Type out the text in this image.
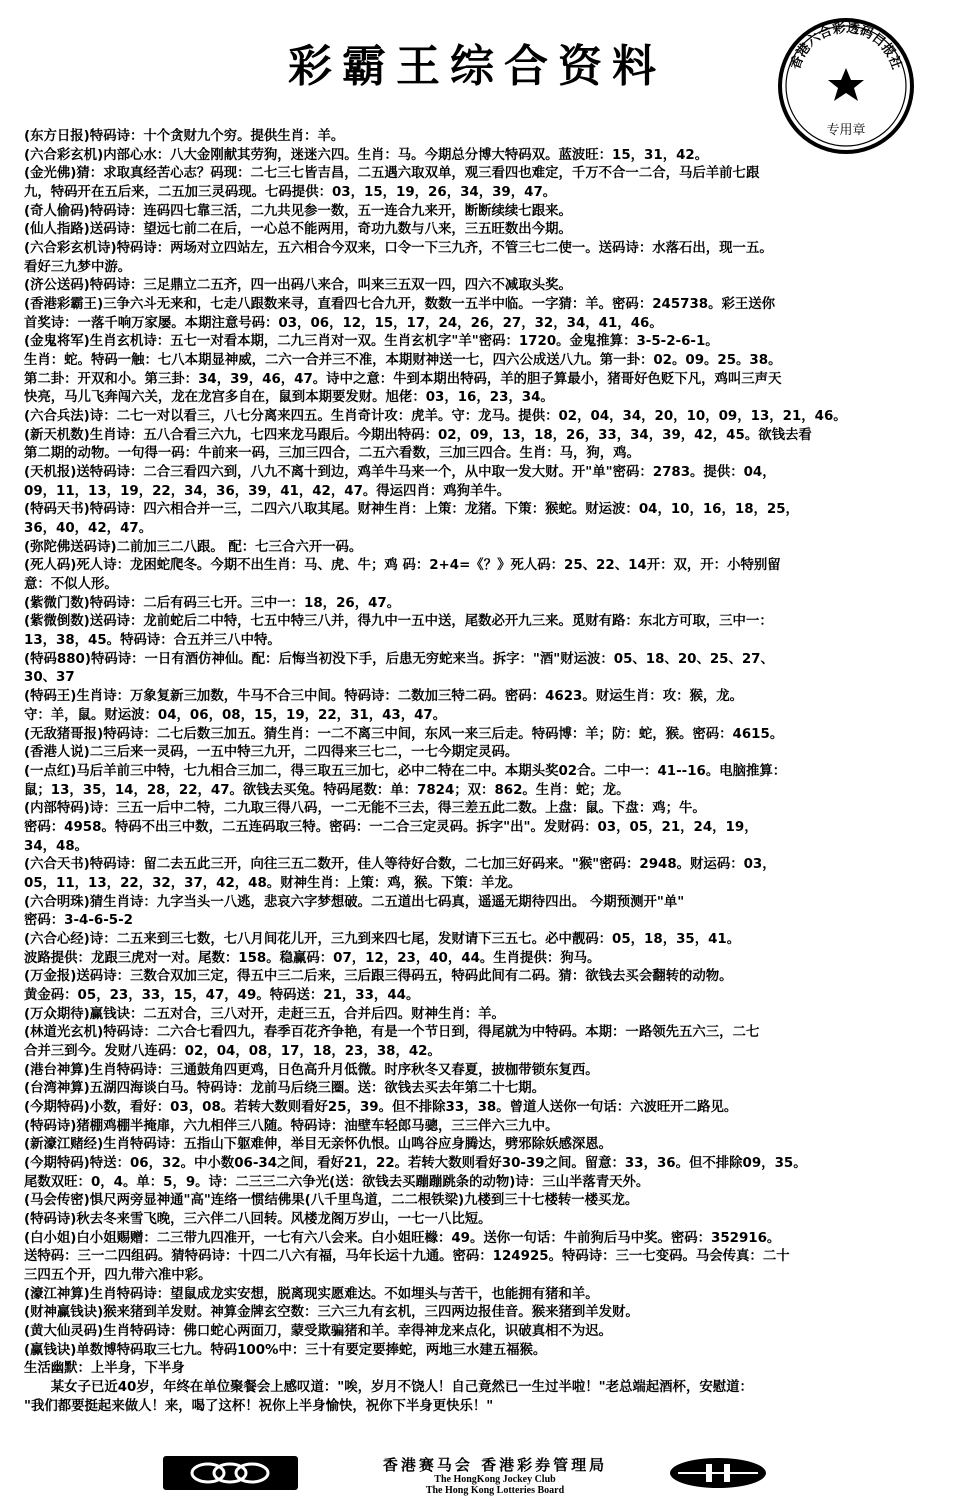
彩霸王综合资料	香港六合彩透码日报社
专用章
(东方日报)特码诗：十个贪财九个穷。提供生肖：羊。
(六合彩玄机)内部心水：八大金刚献其劳狗，迷迷六四。生肖：马。今期总分博大特码双。蓝波旺：15，31，42。
(金光佛)猜：求取真经苦心志？码现：二七三七皆吉昌，二五遇六取双单，观三看四也难定，千万不合一二合，马后羊前七跟
九，特码开在五后来，二五加三灵码现。七码提供：03，15，19，26，34，39，47。
(奇人偷码)特码诗：连码四七靠三活，二九共见参一数，五一连合九来开，断断续续七跟来。
(仙人指路)送码诗：望远七前二在后，一心总不能两用，奇功九数与八来，三五旺数出今期。
(六合彩玄机诗)特码诗：两场对立四站左，五六相合今双来，口令一下三九齐，不管三七二使一。送码诗：水落石出，现一五。
看好三九梦中游。
(济公送码)特码诗：三足鼎立二五齐，四一出码八来合，叫来三五双一四，四六不减取头奖。
(香港彩霸王)三争六斗无来和，七走八跟数来寻，直看四七合九开，数数一五半中临。一字猜：羊。密码：245738。彩王送你
首奖诗：一落千响万家屡。本期注意号码：03，06，12，15，17，24，26，27，32，34，41，46。
(金鬼将军)生肖玄机诗：五七一对看本期，二九三肖对一双。生肖玄机字"羊"密码：1720。金鬼推算：3-5-2-6-1。
生肖：蛇。特码一触：七八本期显神威，二六一合并三不准，本期财神送一七，四六公成送八九。第一卦：02。09。25。38。
第二卦：开双和小。第三卦：34，39，46，47。诗中之意：牛到本期出特码，羊的胆子算最小，猪哥好色贬下凡，鸡叫三声天
快亮，马儿飞奔闯六关，龙在龙宫多自在，鼠到本期要发财。旭佬：03，16，23，34。
(六合兵法)诗：二七一对以看三，八七分离来四五。生肖奇计攻：虎羊。守：龙马。提供：02，04，34，20，10，09，13，21，46。
(新天机数)生肖诗：五八合看三六九，七四来龙马跟后。今期出特码：02，09，13，18，26，33，34，39，42，45。欲钱去看
第二期的动物。一句得一码：牛前来一码，三加三四合，二五六看数，三加三四合。生肖：马，狗，鸡。
(天机报)送特码诗：二合三看四六到，八九不离十到边，鸡羊牛马来一个，从中取一发大财。开"单"密码：2783。提供：04，
09，11，13，19，22，34，36，39，41，42，47。得运四肖：鸡狗羊牛。
(特码天书)特码诗：四六相合并一三，二四六八取其尾。财神生肖：上策：龙猪。下策：猴蛇。财运波：04，10，16，18，25，
36，40，42，47。
(弥陀佛送码诗)二前加三二八跟。 配：七三合六开一码。
(死人码)死人诗：龙困蛇爬冬。今期不出生肖：马、虎、牛；鸡 码：2+4=《？》死人码：25、22、14开：双，开：小特别留
意：不似人形。
(紫微门数)特码诗：二后有码三七开。三中一：18，26，47。
(紫微倒数)送码诗：龙前蛇后二中特，七五中特三八并，得九中一五中送，尾数必开九三来。觅财有路：东北方可取，三中一：
13，38，45。特码诗：合五并三八中特。
(特码880)特码诗：一日有酒仿神仙。配：后悔当初没下手，后患无穷蛇来当。拆字："酒"财运波：05、18、20、25、27、
30、37
(特码王)生肖诗：万象复新三加数，牛马不合三中间。特码诗：二数加三特二码。密码：4623。财运生肖：攻：猴，龙。
守：羊，鼠。财运波：04，06，08，15，19，22，31，43，47。
(无敌猪哥报)特码诗：二七后数三加五。猜生肖：一二不离三中间，东风一来三后走。特码博：羊；防：蛇，猴。密码：4615。
(香港人说)二三后来一灵码，一五中特三九开，二四得来三七二，一七今期定灵码。
(一点红)马后羊前三中特，七九相合三加二，得三取五三加七，必中二特在二中。本期头奖02合。二中一：41--16。电脑推算：
鼠；13，35，14，28，22，47。欲钱去买兔。特码尾数：单：7824；双：862。生肖：蛇；龙。
(内部特码)诗：三五一后中二特，二九取三得八码，一二无能不三去，得三差五此二数。上盘：鼠。下盘：鸡；牛。
密码：4958。特码不出三中数，二五连码取三特。密码：一二合三定灵码。拆字"出"。发财码：03，05，21，24，19，
34，48。
(六合天书)特码诗：留二去五此三开，向往三五二数开，佳人等待好合数，二七加三好码来。"猴"密码：2948。财运码：03，
05，11，13，22，32，37，42，48。财神生肖：上策：鸡，猴。下策：羊龙。
(六合明珠)猜生肖诗：九字当头一八逃，悲哀六字梦想破。二五道出七码真，遥遥无期待四出。 今期预测开"单"
密码：3-4-6-5-2
(六合心经)诗：二五来到三七数，七八月间花儿开，三九到来四七尾，发财请下三五七。必中靓码：05，18，35，41。
波路提供：龙跟三虎对一对。尾数：158。稳赢码：07，12，23，40，44。生肖提供：狗马。
(万金报)送码诗：三数合双加三定，得五中三二后来，三后跟三得码五，特码此间有二码。猜：欲钱去买会翻转的动物。
黄金码：05，23，33，15，47，49。特码送：21，33，44。
(万众期待)赢钱诀：二五对合，三八对开，走赶三五，合并后四。财神生肖：羊。
(林道光玄机)特码诗：二六合七看四九，春季百花齐争艳，有是一个节日到，得尾就为中特码。本期：一路领先五六三，二七
合并三到今。发财八连码：02，04，08，17，18，23，38，42。
(港台神算)生肖特码诗：三通鼓角四更鸡，日色高升月低微。时序秋冬又春夏，披枷带锁东复西。
(台湾神算)五湖四海谈白马。特码诗：龙前马后绕三圈。送：欲钱去买去年第二十七期。
(今期特码)小数，看好：03，08。若转大数则看好25，39。但不排除33，38。曾道人送你一句话：六波旺开二路见。
(特码诗)猪棚鸡棚半掩扉，六九相伴三八随。特码诗：油壁车轻郎马骢，三三伴六三九中。
(新濠江赌经)生肖特码诗：五指山下躯难伸，举目无亲怀仇恨。山鸣谷应身腾达，劈邪除妖感深恩。
(今期特码)特送：06，32。中小数06-34之间，看好21，22。若转大数则看好30-39之间。留意：33，36。但不排除09，35。
尾数双旺：0，4。单：5，9。诗：二三三二六争光(送：欲钱去买蹦蹦跳条的动物)诗：三山半落青天外。
(马会传密)惧尺两旁显神通"高"连络一惯结佛果(八千里鸟道，二二根铁梁)九楼到三十七楼转一楼买龙。
(特码诗)秋去冬来雪飞晚，三六伴二八回转。风楼龙阁万岁山，一七一八比短。
(白小姐)白小姐赐赠：二三带九四准开，一七有六八会来。白小姐旺橼：49。送你一句话：牛前狗后马中奖。密码：352916。
送特码：三一二四组码。猜特码诗：十四二八六有福，马年长运十九通。密码：124925。特码诗：三一七变码。马会传真：二十
三四五个开，四九带六准中彩。
(濠江神算)生肖特码诗：望鼠成龙实安想，脱离现实愿难达。不如埋头与苦干，也能拥有猪和羊。
(财神赢钱诀)猴来猪到羊发财。神算金牌玄空数：三六三九有玄机，三四两边报佳音。猴来猪到羊发财。
(黄大仙灵码)生肖特码诗：佛口蛇心两面刀，蒙受欺骗猪和羊。幸得神龙来点化，识破真相不为迟。
(赢钱诀)单数博特码取三七九。特码100%中：三十有要定要捧蛇，两地三水建五福猴。
生活幽默：上半身，下半身
　　某女子已近40岁，年终在单位聚餐会上感叹道："唉，岁月不饶人！自己竟然已一生过半啦！"老总端起酒杯，安慰道：
"我们都要挺起来做人！来，喝了这杯！祝你上半身愉快，祝你下半身更快乐！"
香港赛马会 香港彩券管理局
The HongKong Jockey Club
The Hong Kong Lotteries Board
